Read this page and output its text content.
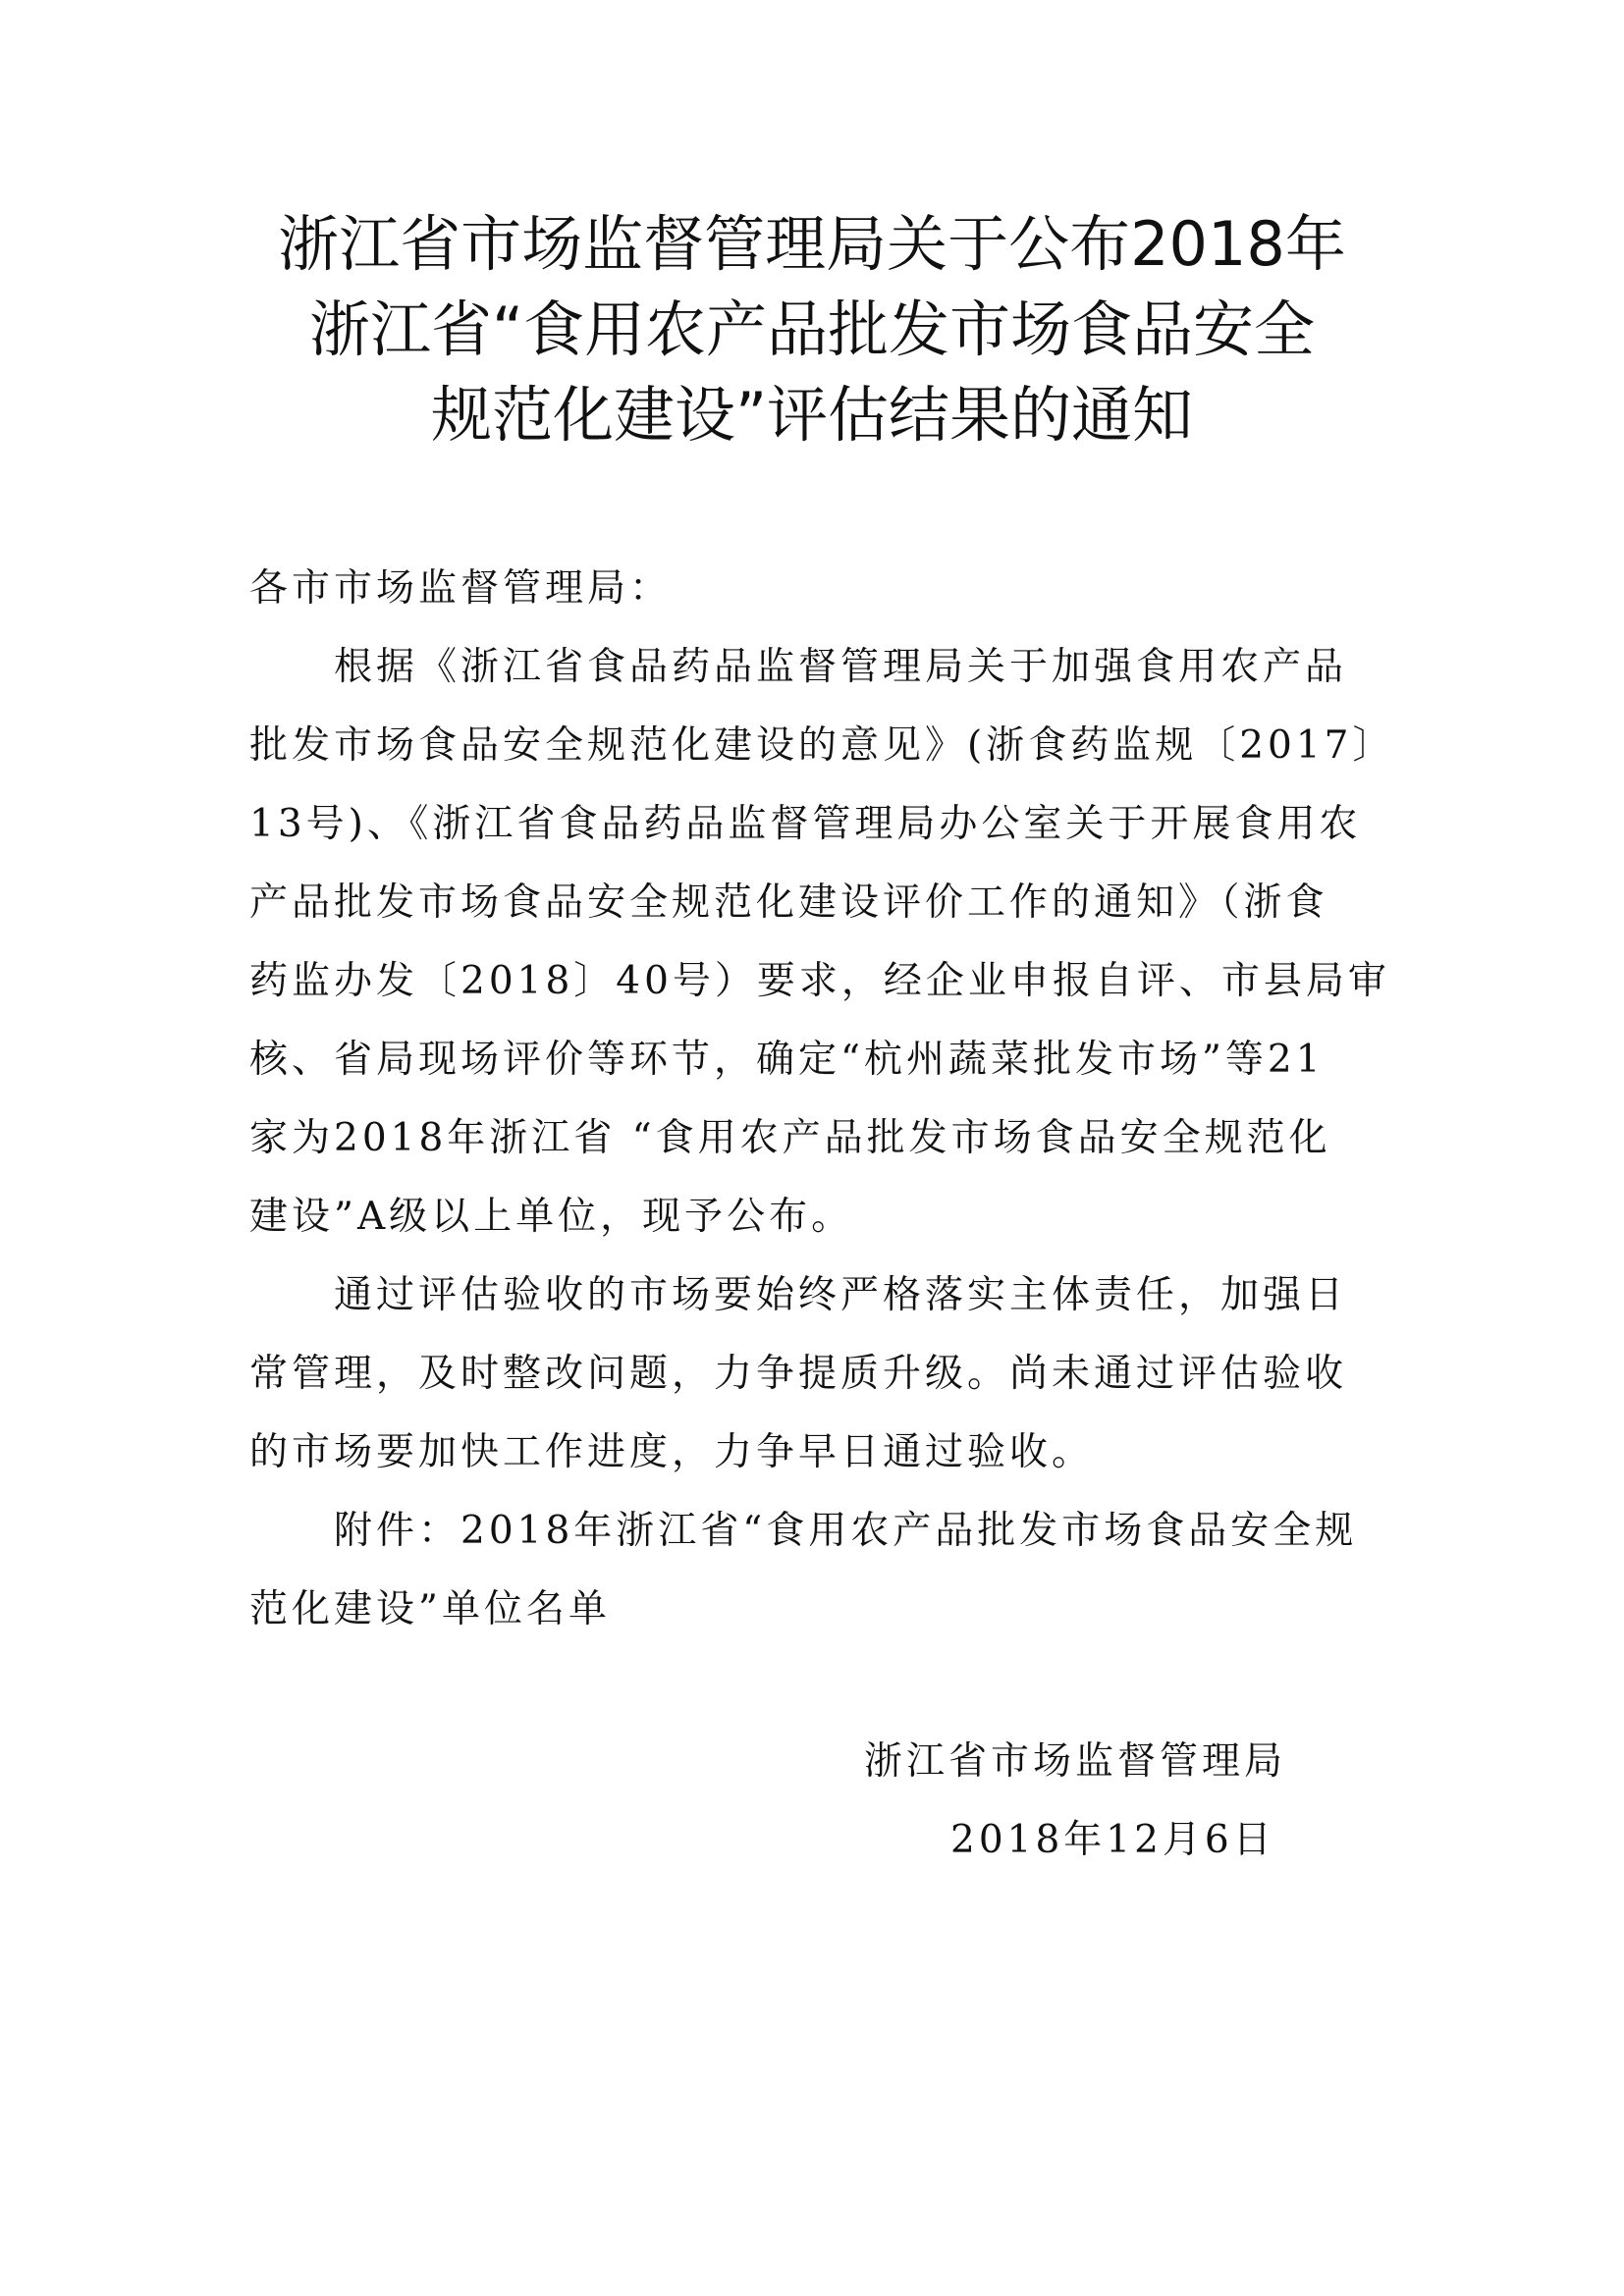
浙江省市场监督管理局关于公布2018年
浙江省“食用农产品批发市场食品安全
规范化建设”评估结果的通知
各市市场监督管理局：
　　根据《浙江省食品药品监督管理局关于加强食用农产品
批发市场食品安全规范化建设的意见》(浙食药监规〔2017〕
13号)、《浙江省食品药品监督管理局办公室关于开展食用农
产品批发市场食品安全规范化建设评价工作的通知》（浙食
药监办发〔2018〕40号）要求，经企业申报自评、市县局审
核、省局现场评价等环节，确定“杭州蔬菜批发市场”等21
家为2018年浙江省 “食用农产品批发市场食品安全规范化
建设”A级以上单位，现予公布。
　　通过评估验收的市场要始终严格落实主体责任，加强日
常管理，及时整改问题，力争提质升级。尚未通过评估验收
的市场要加快工作进度，力争早日通过验收。
　　附件：2018年浙江省“食用农产品批发市场食品安全规
范化建设”单位名单
浙江省市场监督管理局
2018年12月6日
